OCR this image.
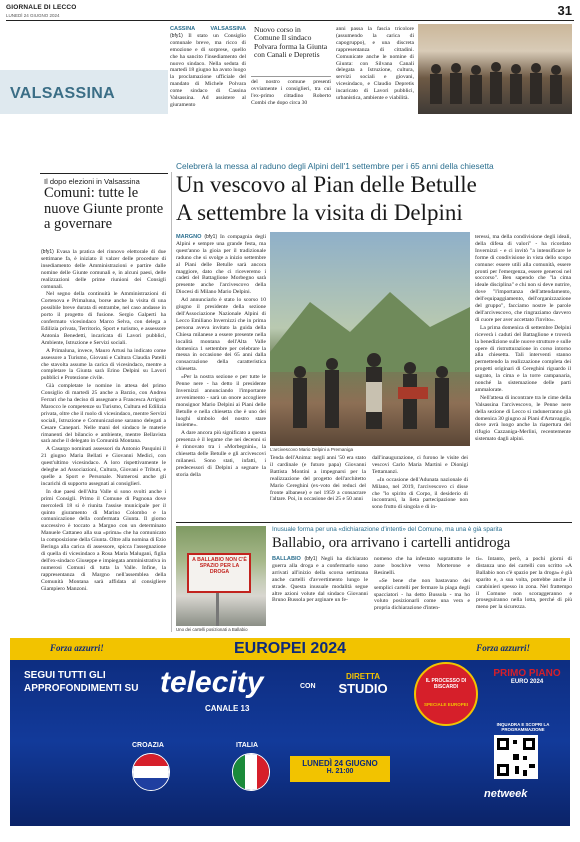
GIORNALE DI LECCO
LUNEDÌ 24 GIUGNO 2024	31
VALSASSINA
CASSINA VALSASSINA (bfy1) Il stato un Consiglio comunale breve, ma ricco di emozione e di sorprese, quello che ha sancito l'insediamento del nuovo sindaco. Nella seduta di martedì 18 giugno ha avuto luogo la proclamazione ufficiale del mandato di Michele Polvara come sindaco di Cassina Valsassina. Ad assistere al giuramento
Nuovo corso in Comune Il sindaco Polvara forma la Giunta con Canali e Depretis
del nostro comune presenti ovviamente i consiglieri, tra cui l'ex-primo cittadino Roberto Combi che dopo circa 30
anni passa la fascia tricolore (assumendo la carica di capogruppo), e una discreta rappresentanza di cittadini. Comunicate anche le nomine di Giunta: con Silvana Canali delegata a Istruzione, cultura, servizi sociali e giovani, vicesindaco, e Claudio Depretis incaricato di Lavori pubblici, urbanistica, ambiente e viabilità.
Il dopo elezioni in Valsassina
Comuni: tutte le nuove Giunte pronte a governare

(bfy1) Evasa la pratica del rinnovo elettorale di due settimane fa, è iniziato il valzer delle procedure di insediamento delle Amministrazioni e partire dalle nomine delle Giunte comunali e, in alcuni paesi, delle realizzazioni delle prime riunioni dei Consigli comunali.

Nel segno della continuità le Amministrazioni di Cortenova e Primaluna, borse anche la visita di una possibile breve durata di entrambe, nel caso andasse in porto il progetto di fusione. Sergio Galperti ha confermato vicesindaco Marco Selva, con delega a Edilizia privata, Territorio, Sport e turismo, e assessore Antonia Benedetti, incaricata di Lavori pubblici, Ambiente, Istruzione e Servizi sociali.

A Primaluna, invece, Mauro Artusi ha indicato come assessore a Turismo, Giovani e Cultura Claudia Patelli che stavolta assume la carica di vicesindaco, mentre a completare la Giunta sarà Erino Delpini su Lavori pubblici e Protezione civile.

Già completate le nomine in attesa del primo Consiglio di martedì 25 anche a Barzio, con Andrea Ferrari che ha deciso di assegnare a Francesca Arrigoni Marocco le competenze su Turismo, Cultura ed Edilizia privata, oltre che il ruolo di vicesindaco, mentre Servizi sociali, Istruzione e Comunicazione saranno delegati a Cesare Canepari. Nelle mani del sindaco le materie rimanenti del bilancio e ambiente, mentre Bellavista sarà anche il delegato in Comunità Montana.

A Casargo nominati assessori da Antonio Pasquini il 21 giugno Maria Bellati e Giovanni Medici, con quest'ultimo vicesindaco. A loro rispettivamente le deleghe ad Associazioni, Cultura, Giovani e Tributi, e quelle a Sport e Personale. Numerosi anche gli incarichi di supporto assegnati ai consiglieri.

In due paesi dell'Alta Valle si sono svolti anche i primi Consigli. Primo il Comune di Pagnona dove mercoledì 18 si è riunita l'assise municipale per il quinto giuramento di Marino Colombo e la comunicazione della confermata Giunta. Il giorno successivo è toccato a Margno con un determinato Manuele Cattaneo alla sua «prima» che ha comunicato la composizione della Giunta. Oltre alla nomina di Ezio Beringa alla carica di assessore, spicca l'assegnazione di quella di vicesindaco a Rosa Maria Malugani, figlia dell'ex-sindaco Giuseppe e impiegata amministrativa in numerosi Comuni di tutta la Valle. Infine, la rappresentanza di Margno nell'assemblea della Comunità Montana sarà affidata al consigliere Giampiero Manzoni.

Celebrerà la messa al raduno degli Alpini dell'1 settembre per i 65 anni della chiesetta
Un vescovo al Pian delle Betulle
A settembre la visita di Delpini

MARGNO (bfy1) In compagnia degli Alpini e sempre una grande festa, ma quest'anno la gioia per il tradizionale raduno che si svolge a inizio settembre al Piani delle Betulle sarà ancora maggiore, dato che ci riceveremo i cadeti del Battaglione Morbegno sarà presente anche l'arcivescovo della Diocesi di Milano Mario Delpini.

Ad annunciarlo è stato lo scorso 10 giugno il presidente della sezione dell'Associazione Nazionale Alpini di Lecco Emiliano Invernizzi che in prima persona aveva invitato la guida della Chiesa milanese a essere presente nella località montana dell'Alta Valle domenica 1 settembre per celebrare la messa in occasione dei 65 anni dalla consacrazione della caratteristica chiesetta.

«Per la nostra sezione e per tutte le Penne nere - ha detto il presidente Invernizzi annunciando l'importante avvenimento - sarà un onore accogliere monsignor Mario Delpini ai Piani delle Betulle e nella chiesetta che è uno dei luoghi simbolo del nostro stare insieme».

A dare ancora più significato a questa presenza è il legame che nei decenni si è rinnovato tra i «Morbegnini», la chiesetta delle Betulle e gli arcivescovi milanesi. Sono stati, infatti, i predecessori di Delpini a segnare la storia della

L'arcivescovo Mario Delpini a Premaniga
Tenda dell'Anima: negli anni '50 era stato il cardinale (e futuro papa) Giovanni Battista Montini a impegnarsi per la realizzazione del progetto dell'architetto Mario Cereghini (ex-voto dei reduci del fronte albanese) e nel 1959 a consacrare l'altare. Poi, in occasione dei 25 e 50 anni

dall'inaugurazione, ci furono le visite dei vescovi Carlo Maria Martini e Dionigi Tettamanzi.

«In occasione dell'Adunata nazionale di Milano, nel 2019, l'arcivescovo ci disse che "lo spirito di Corpo, il desiderio di incontrarsi, la lieta partecipazione non sono frutto di singola e di in-

teressi, ma della condivisione degli ideali, della difesa di valori" - ha ricordato Invernizzi - e ci invitò "a intensificare le forme di condivisione in vista dello scopo comune: essere utili alla comunità, essere pronti per l'emergenza, essere generosi nel soccorso". Ben sapendo che "la cima ideale disciplina" e chi non si deve nutrire, dove "l'importanza dell'attendamento, dell'equipaggiamento, dell'organizzazione del gruppo", facciamo nostre le parole dell'arcivescovo, che ringraziamo davvero di cuore per aver accettato l'invito».

La prima domenica di settembre Delpini riceverà i caduti del Battaglione e troverà la benedizione sulle nuove strutture e sulle opere di ristrutturazione in corso intorno alla chiesetta. Tali interventi stanno permettendo la realizzazione completa dei progetti originari di Cereghini riguardo il sagrato, la cima e la torre campanaria, nonché la sistemazione delle parti ammalorate.

Nell'attesa di incontrare tra le cime della Valsassina l'arcivescovo, le Penne nere della sezione di Lecco si radunerranno già domenica 30 giugno ai Piani d'Artavaggio, dove avrà luogo anche la riapertura del rifugio Cazzaniga-Merlini, recentemente sistemato dagli alpini.

A BALLABIO NON C'È SPAZIO PER LA DROGA
Uno dei cartelli posizionati a Ballabio
Inusuale forma per una «dichiarazione d'intenti» del Comune, ma una è già sparita
Ballabio, ora arrivano i cartelli antidroga
BALLABIO (bfy1) Negli ha dichiarato guerra alla droga e a confermarlo sono arrivati all'inizio della scorsa settimana anche cartelli d'avvertimento lungo le strade. Questa inusuale modalità segue altre azioni volute dal sindaco Giovanni Bruno Bussola per arginare un fe-

nomeno che ha infestato soprattutto le zone boschive verso Morterone e Resinelli.

«Se bene che non bastavano dei semplici cartelli per fermare la piaga degli spacciatori - ha detto Bussola - ma ho voluto posizionarli come una vera e propria dichiarazione d'inten-

ti». Intanto, però, a pochi giorni di distanza uno dei cartelli con scritto «A Ballabio non c'è spazio per la droga» è già sparito e, a sua volta, potrebbe anche il carabinieri spesso in zona. Nel frattempo il Comune non scoraggeranno e proseguiranno nella lotta, perché di più meno per la sicurezza.
Forza azzurri!	EUROPEI 2024	Forza azzurri!
SEGUI TUTTI GLI
APPROFONDIMENTI SU telecity
CANALE 13
CON
DIRETTA
STUDIO	IL PROCESSO DI BISCARDI
SPECIALE EUROPEI
PRIMO PIANO
EURO 2024
CROAZIA	ITALIA
LUNEDÌ 24 GIUGNO
H. 21:00
INQUADRA E SCOPRI LA PROGRAMMAZIONE
netweek
